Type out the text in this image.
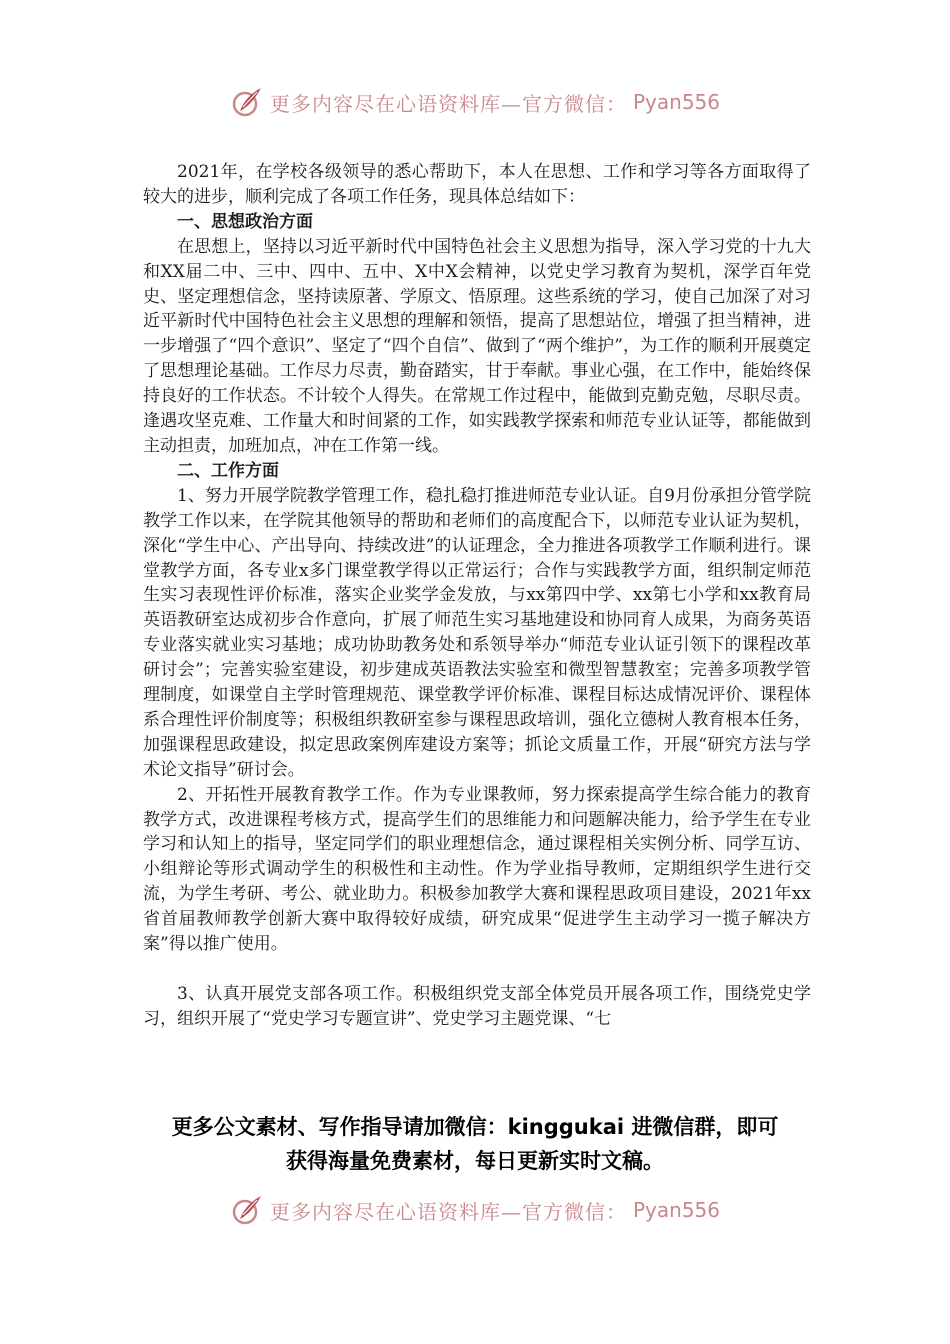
更多内容尽在心语资料库—官方微信： Pyan556

2021年，在学校各级领导的悉心帮助下，本人在思想、工作和学习等各方面取得了较大的进步，顺利完成了各项工作任务，现具体总结如下：

一、思想政治方面

在思想上，坚持以习近平新时代中国特色社会主义思想为指导，深入学习党的十九大和XX届二中、三中、四中、五中、X中X会精神，以党史学习教育为契机，深学百年党史、坚定理想信念，坚持读原著、学原文、悟原理。这些系统的学习，使自己加深了对习近平新时代中国特色社会主义思想的理解和领悟，提高了思想站位，增强了担当精神，进一步增强了“四个意识”、坚定了“四个自信”、做到了“两个维护”，为工作的顺利开展奠定了思想理论基础。工作尽力尽责，勤奋踏实，甘于奉献。事业心强，在工作中，能始终保持良好的工作状态。不计较个人得失。在常规工作过程中，能做到克勤克勉，尽职尽责。逢遇攻坚克难、工作量大和时间紧的工作，如实践教学探索和师范专业认证等，都能做到主动担责，加班加点，冲在工作第一线。

二、工作方面

1、努力开展学院教学管理工作，稳扎稳打推进师范专业认证。自9月份承担分管学院教学工作以来，在学院其他领导的帮助和老师们的高度配合下，以师范专业认证为契机，深化“学生中心、产出导向、持续改进”的认证理念，全力推进各项教学工作顺利进行。课堂教学方面，各专业x多门课堂教学得以正常运行；合作与实践教学方面，组织制定师范生实习表现性评价标准，落实企业奖学金发放，与xx第四中学、xx第七小学和xx教育局英语教研室达成初步合作意向，扩展了师范生实习基地建设和协同育人成果，为商务英语专业落实就业实习基地；成功协助教务处和系领导举办“师范专业认证引领下的课程改革研讨会”；完善实验室建设，初步建成英语教法实验室和微型智慧教室；完善多项教学管理制度，如课堂自主学时管理规范、课堂教学评价标准、课程目标达成情况评价、课程体系合理性评价制度等；积极组织教研室参与课程思政培训，强化立德树人教育根本任务，加强课程思政建设，拟定思政案例库建设方案等；抓论文质量工作，开展“研究方法与学术论文指导”研讨会。

2、开拓性开展教育教学工作。作为专业课教师，努力探索提高学生综合能力的教育教学方式，改进课程考核方式，提高学生们的思维能力和问题解决能力，给予学生在专业学习和认知上的指导，坚定同学们的职业理想信念，通过课程相关实例分析、同学互访、小组辩论等形式调动学生的积极性和主动性。作为学业指导教师，定期组织学生进行交流，为学生考研、考公、就业助力。积极参加教学大赛和课程思政项目建设，2021年xx省首届教师教学创新大赛中取得较好成绩，研究成果“促进学生主动学习一揽子解决方案”得以推广使用。

3、认真开展党支部各项工作。积极组织党支部全体党员开展各项工作，围绕党史学习，组织开展了“党史学习专题宣讲”、党史学习主题党课、“七

更多公文素材、写作指导请加微信：kinggukai 进微信群，即可
获得海量免费素材，每日更新实时文稿。
更多内容尽在心语资料库—官方微信： Pyan556
